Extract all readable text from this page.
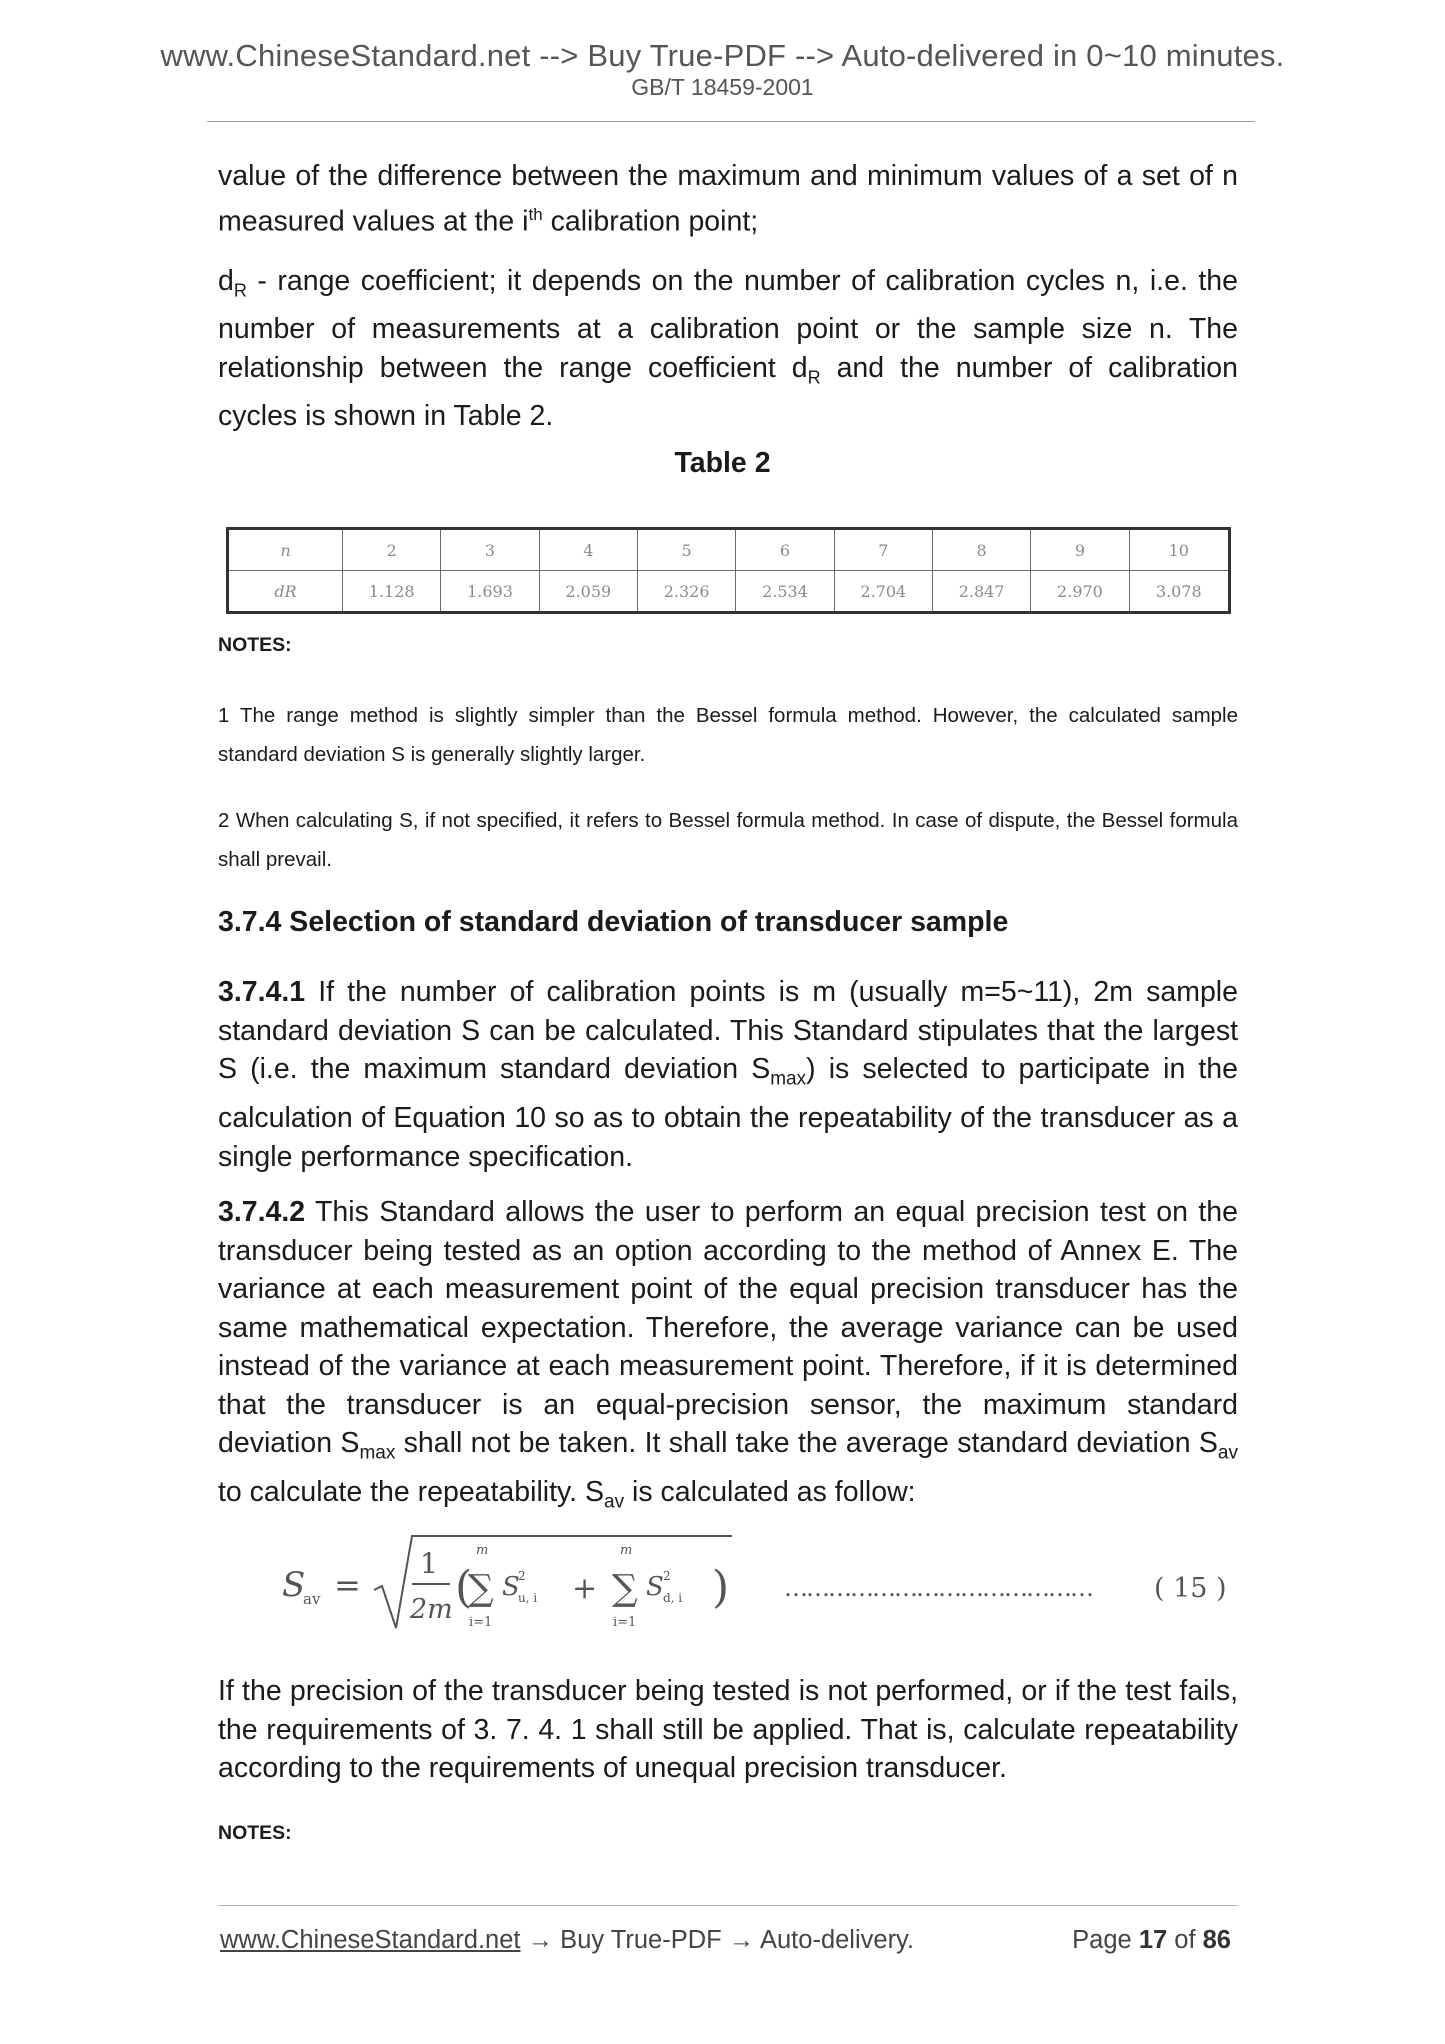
www.ChineseStandard.net --> Buy True-PDF --> Auto-delivered in 0~10 minutes.
GB/T 18459-2001

value of the difference between the maximum and minimum values of a set of n measured values at the $i^{th}$ calibration point;

$d_R$ - range coefficient; it depends on the number of calibration cycles n, i.e. the number of measurements at a calibration point or the sample size n. The relationship between the range coefficient $d_R$ and the number of calibration cycles is shown in Table 2.

Table 2
n	2	3	4	5	6	7	8	9	10
dR	1.128	1.693	2.059	2.326	2.534	2.704	2.847	2.970	3.078
NOTES:

1 The range method is slightly simpler than the Bessel formula method. However, the calculated sample standard deviation S is generally slightly larger.

2 When calculating S, if not specified, it refers to Bessel formula method. In case of dispute, the Bessel formula shall prevail.

3.7.4 Selection of standard deviation of transducer sample

3.7.4.1 If the number of calibration points is m (usually m=5~11), 2m sample standard deviation S can be calculated. This Standard stipulates that the largest S (i.e. the maximum standard deviation $S_{max}$) is selected to participate in the calculation of Equation 10 so as to obtain the repeatability of the transducer as a single performance specification.

3.7.4.2 This Standard allows the user to perform an equal precision test on the transducer being tested as an option according to the method of Annex E. The variance at each measurement point of the equal precision transducer has the same mathematical expectation. Therefore, the average variance can be used instead of the variance at each measurement point. Therefore, if it is determined that the transducer is an equal-precision sensor, the maximum standard deviation $S_{max}$ shall not be taken. It shall take the average standard deviation $S_{av}$ to calculate the repeatability. $S_{av}$ is calculated as follow:

S
av =
1
2m (
m
∑
i=1
S
2
u, i +
m
∑
i=1
S 2
d, i ) …………………………………… ( 15 )

If the precision of the transducer being tested is not performed, or if the test fails, the requirements of 3. 7. 4. 1 shall still be applied. That is, calculate repeatability according to the requirements of unequal precision transducer.

NOTES:
www.ChineseStandard.net → Buy True-PDF → Auto-delivery.	Page 17 of 86
